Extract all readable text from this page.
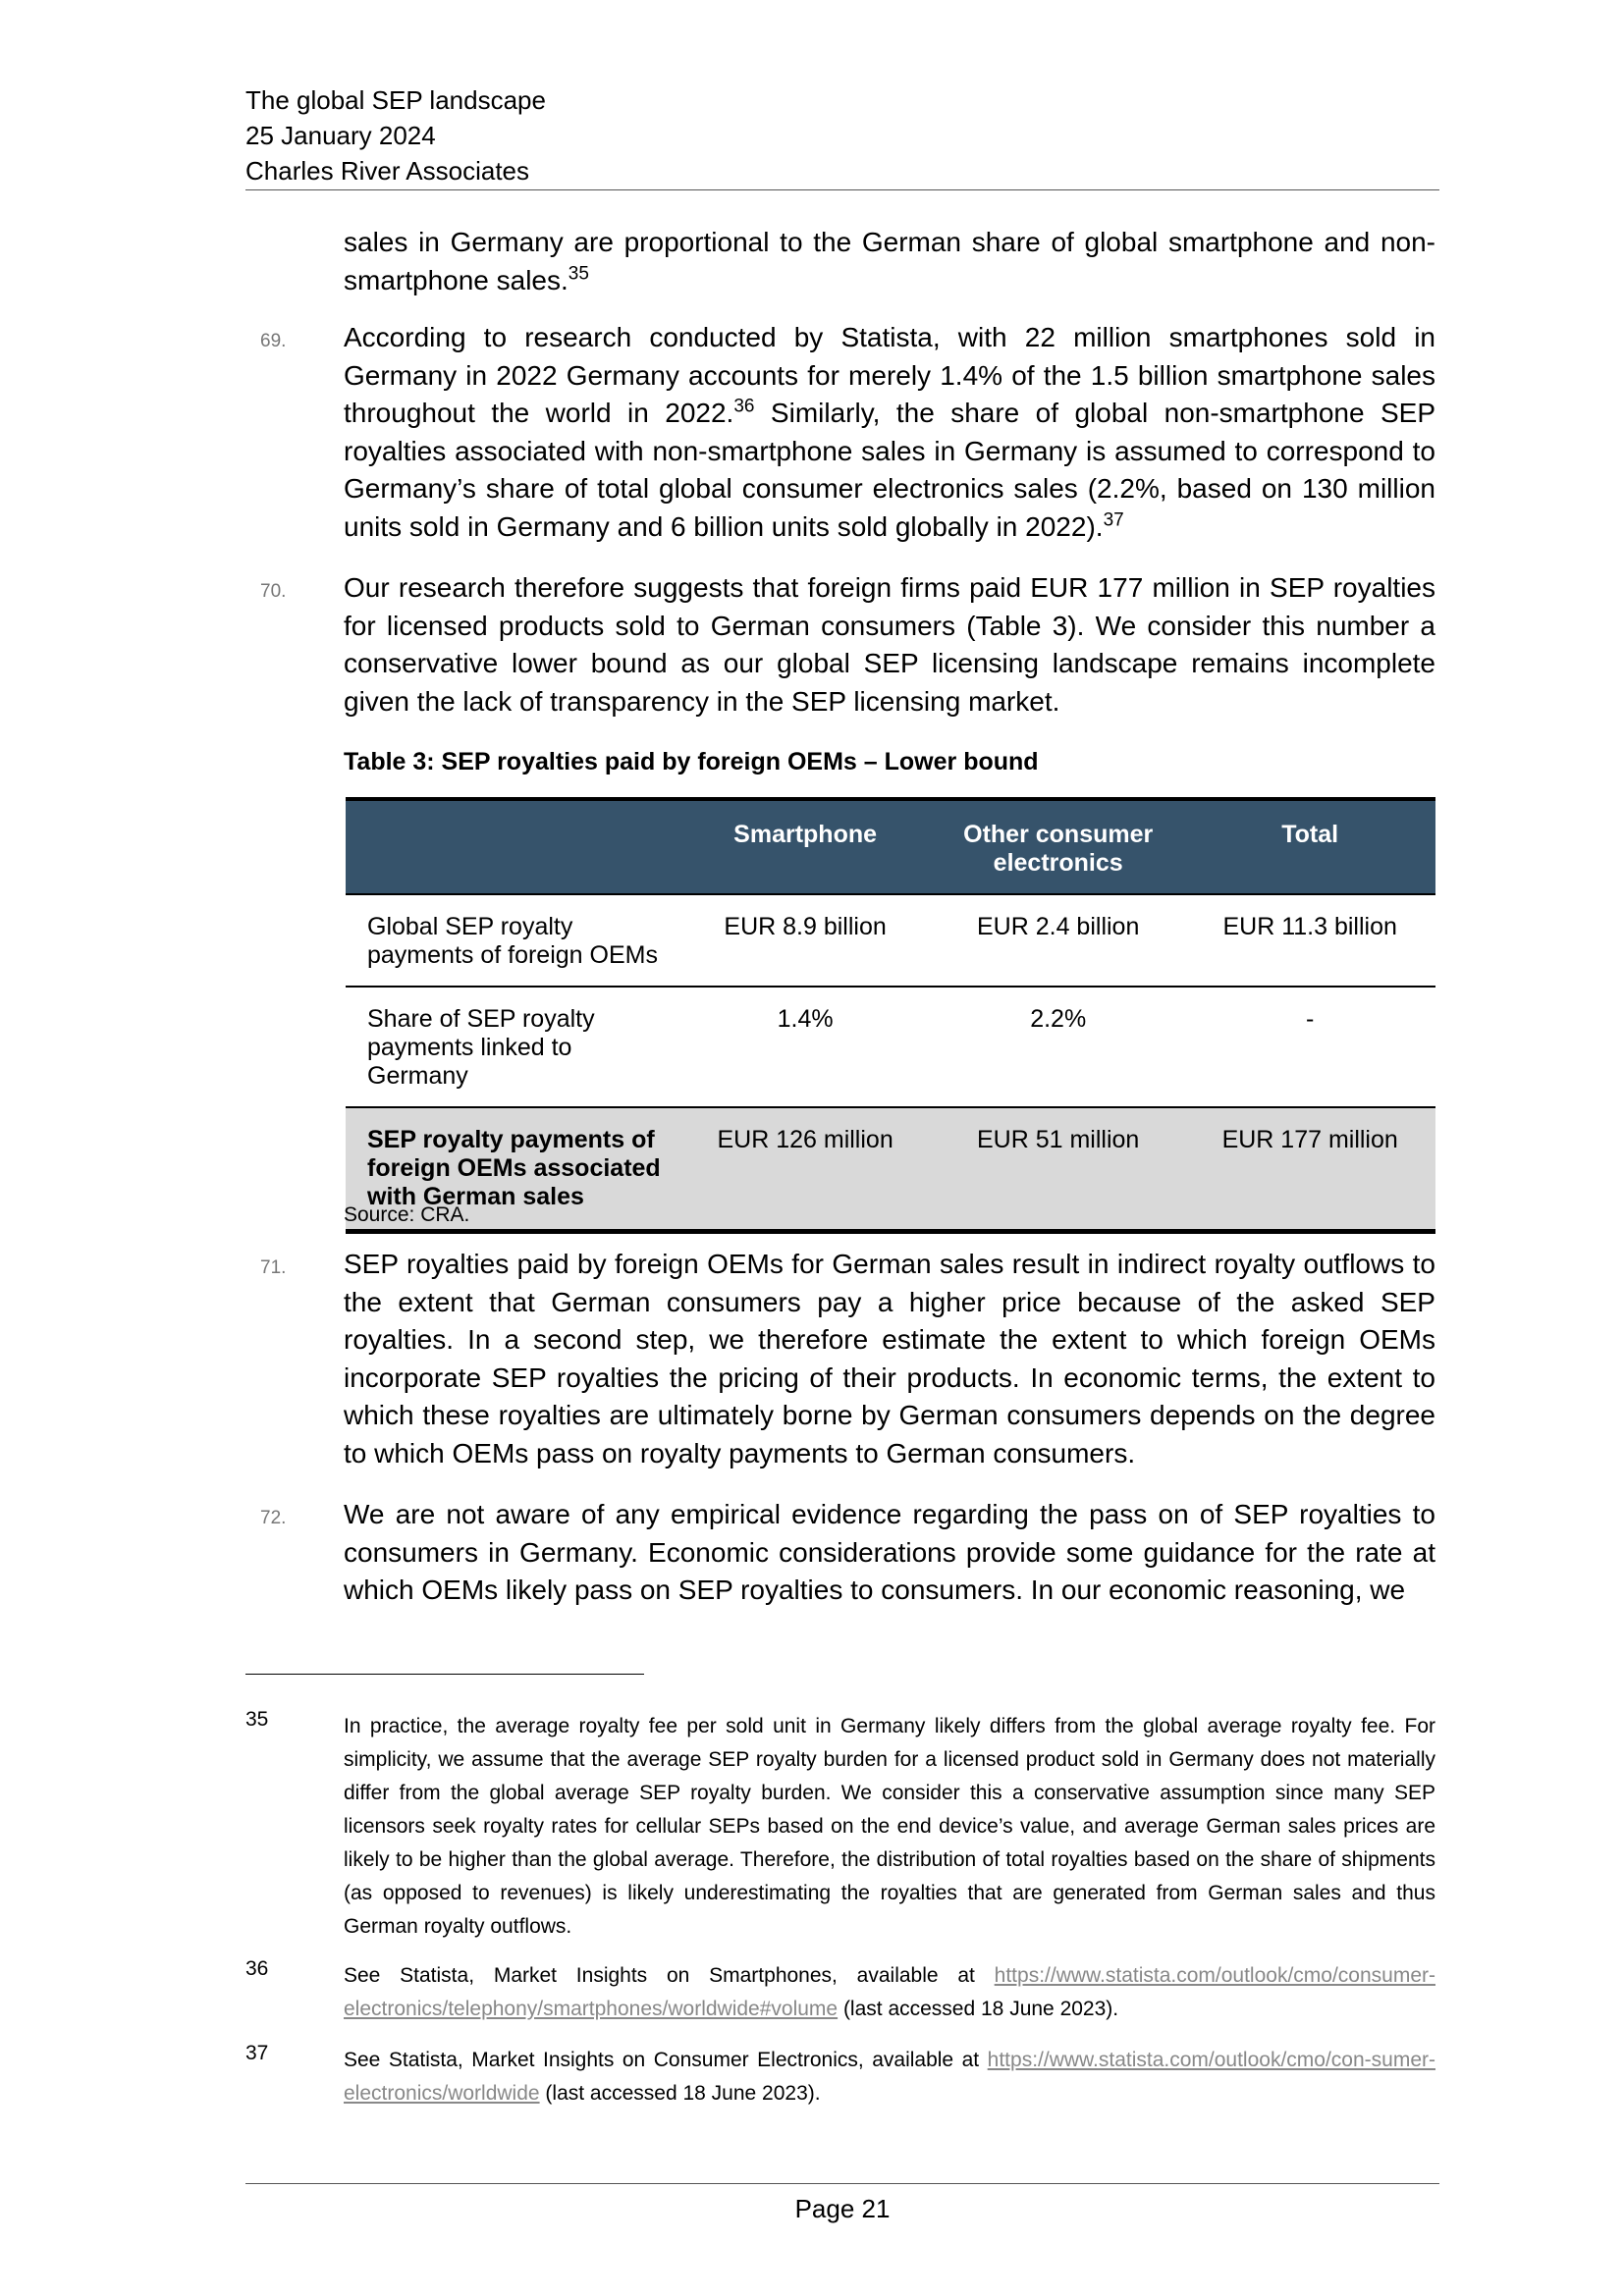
The global SEP landscape
25 January 2024
Charles River Associates
sales in Germany are proportional to the German share of global smartphone and non-smartphone sales.$^{35}$
69. According to research conducted by Statista, with 22 million smartphones sold in Germany in 2022 Germany accounts for merely 1.4% of the 1.5 billion smartphone sales throughout the world in 2022.36 Similarly, the share of global non-smartphone SEP royalties associated with non-smartphone sales in Germany is assumed to correspond to Germany’s share of total global consumer electronics sales (2.2%, based on 130 million units sold in Germany and 6 billion units sold globally in 2022).$^{37}$
70. Our research therefore suggests that foreign firms paid EUR 177 million in SEP royalties for licensed products sold to German consumers (Table 3). We consider this number a conservative lower bound as our global SEP licensing landscape remains incomplete given the lack of transparency in the SEP licensing market.
Table 3: SEP royalties paid by foreign OEMs – Lower bound
	Smartphone	Other consumer electronics	Total
Global SEP royalty payments of foreign OEMs	EUR 8.9 billion	EUR 2.4 billion	EUR 11.3 billion
Share of SEP royalty payments linked to Germany	1.4%	2.2%	-
SEP royalty payments of foreign OEMs associated with German sales	EUR 126 million	EUR 51 million	EUR 177 million
Source: CRA.
71. SEP royalties paid by foreign OEMs for German sales result in indirect royalty outflows to the extent that German consumers pay a higher price because of the asked SEP royalties. In a second step, we therefore estimate the extent to which foreign OEMs incorporate SEP royalties the pricing of their products. In economic terms, the extent to which these royalties are ultimately borne by German consumers depends on the degree to which OEMs pass on royalty payments to German consumers.
72. We are not aware of any empirical evidence regarding the pass on of SEP royalties to consumers in Germany. Economic considerations provide some guidance for the rate at which OEMs likely pass on SEP royalties to consumers. In our economic reasoning, we
35	In practice, the average royalty fee per sold unit in Germany likely differs from the global average royalty fee. For simplicity, we assume that the average SEP royalty burden for a licensed product sold in Germany does not materially differ from the global average SEP royalty burden. We consider this a conservative assumption since many SEP licensors seek royalty rates for cellular SEPs based on the end device’s value, and average German sales prices are likely to be higher than the global average. Therefore, the distribution of total royalties based on the share of shipments (as opposed to revenues) is likely underestimating the royalties that are generated from German sales and thus German royalty outflows.
36	See Statista, Market Insights on Smartphones, available at https://www.statista.com/outlook/cmo/consumer-electronics/telephony/smartphones/worldwide#volume (last accessed 18 June 2023).
37	See Statista, Market Insights on Consumer Electronics, available at https://www.statista.com/outlook/cmo/con-sumer-electronics/worldwide (last accessed 18 June 2023).
Page 21
